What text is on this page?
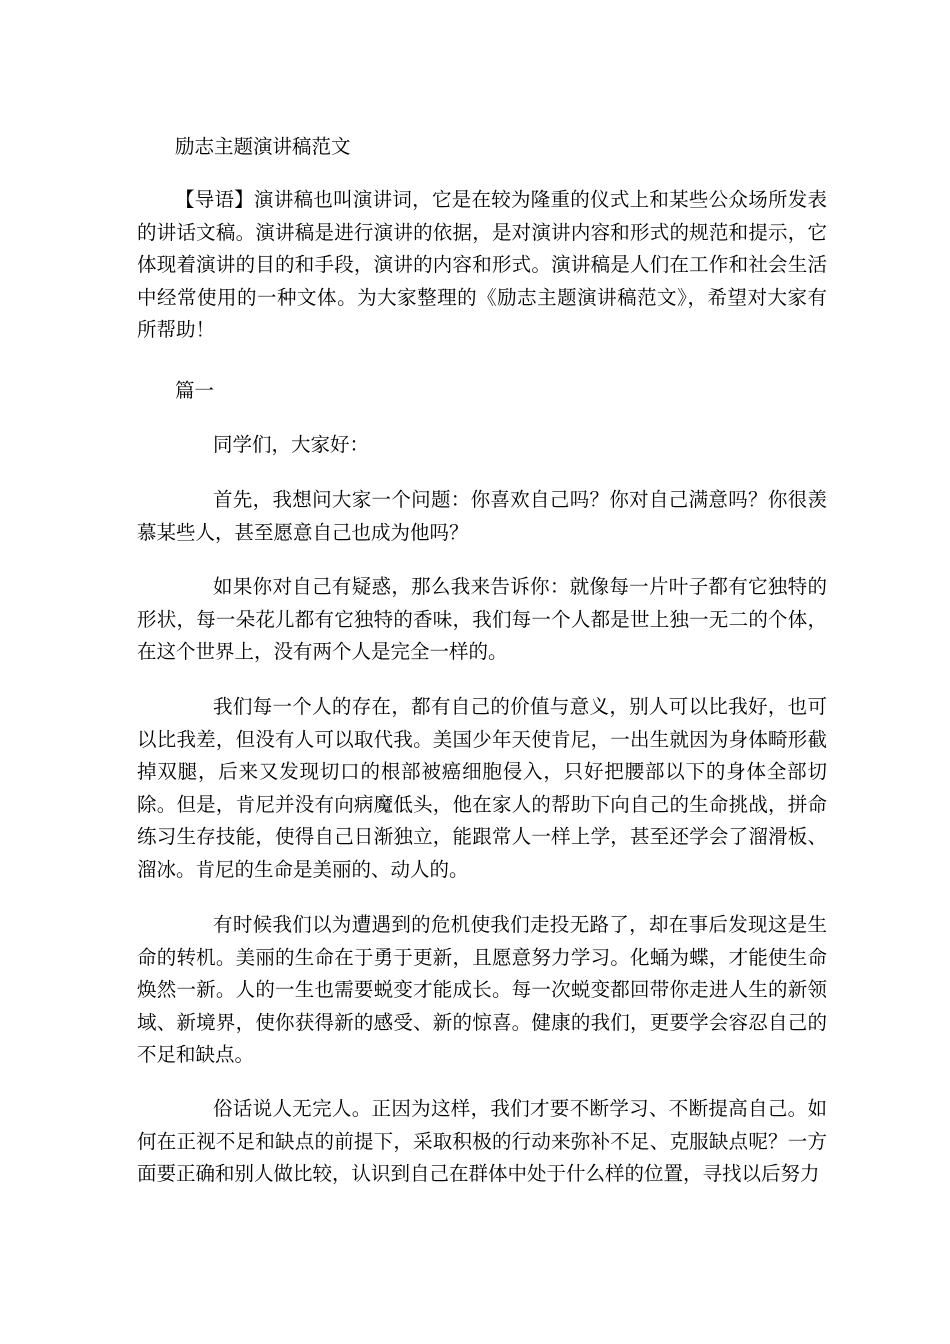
励志主题演讲稿范文

【导语】演讲稿也叫演讲词，它是在较为隆重的仪式上和某些公众场所发表的讲话文稿。演讲稿是进行演讲的依据，是对演讲内容和形式的规范和提示，它体现着演讲的目的和手段，演讲的内容和形式。演讲稿是人们在工作和社会生活中经常使用的一种文体。为大家整理的《励志主题演讲稿范文》，希望对大家有所帮助！

篇一

同学们，大家好：

首先，我想问大家一个问题：你喜欢自己吗？你对自己满意吗？你很羡慕某些人，甚至愿意自己也成为他吗？

如果你对自己有疑惑，那么我来告诉你：就像每一片叶子都有它独特的形状，每一朵花儿都有它独特的香味，我们每一个人都是世上独一无二的个体，在这个世界上，没有两个人是完全一样的。

我们每一个人的存在，都有自己的价值与意义，别人可以比我好，也可以比我差，但没有人可以取代我。美国少年天使肯尼，一出生就因为身体畸形截掉双腿，后来又发现切口的根部被癌细胞侵入，只好把腰部以下的身体全部切除。但是，肯尼并没有向病魔低头，他在家人的帮助下向自己的生命挑战，拼命练习生存技能，使得自己日渐独立，能跟常人一样上学，甚至还学会了溜滑板、溜冰。肯尼的生命是美丽的、动人的。

有时候我们以为遭遇到的危机使我们走投无路了，却在事后发现这是生命的转机。美丽的生命在于勇于更新，且愿意努力学习。化蛹为蝶，才能使生命焕然一新。人的一生也需要蜕变才能成长。每一次蜕变都回带你走进人生的新领域、新境界，使你获得新的感受、新的惊喜。健康的我们，更要学会容忍自己的不足和缺点。

俗话说人无完人。正因为这样，我们才要不断学习、不断提高自己。如何在正视不足和缺点的前提下，采取积极的行动来弥补不足、克服缺点呢？一方面要正确和别人做比较，认识到自己在群体中处于什么样的位置，寻找以后努力
